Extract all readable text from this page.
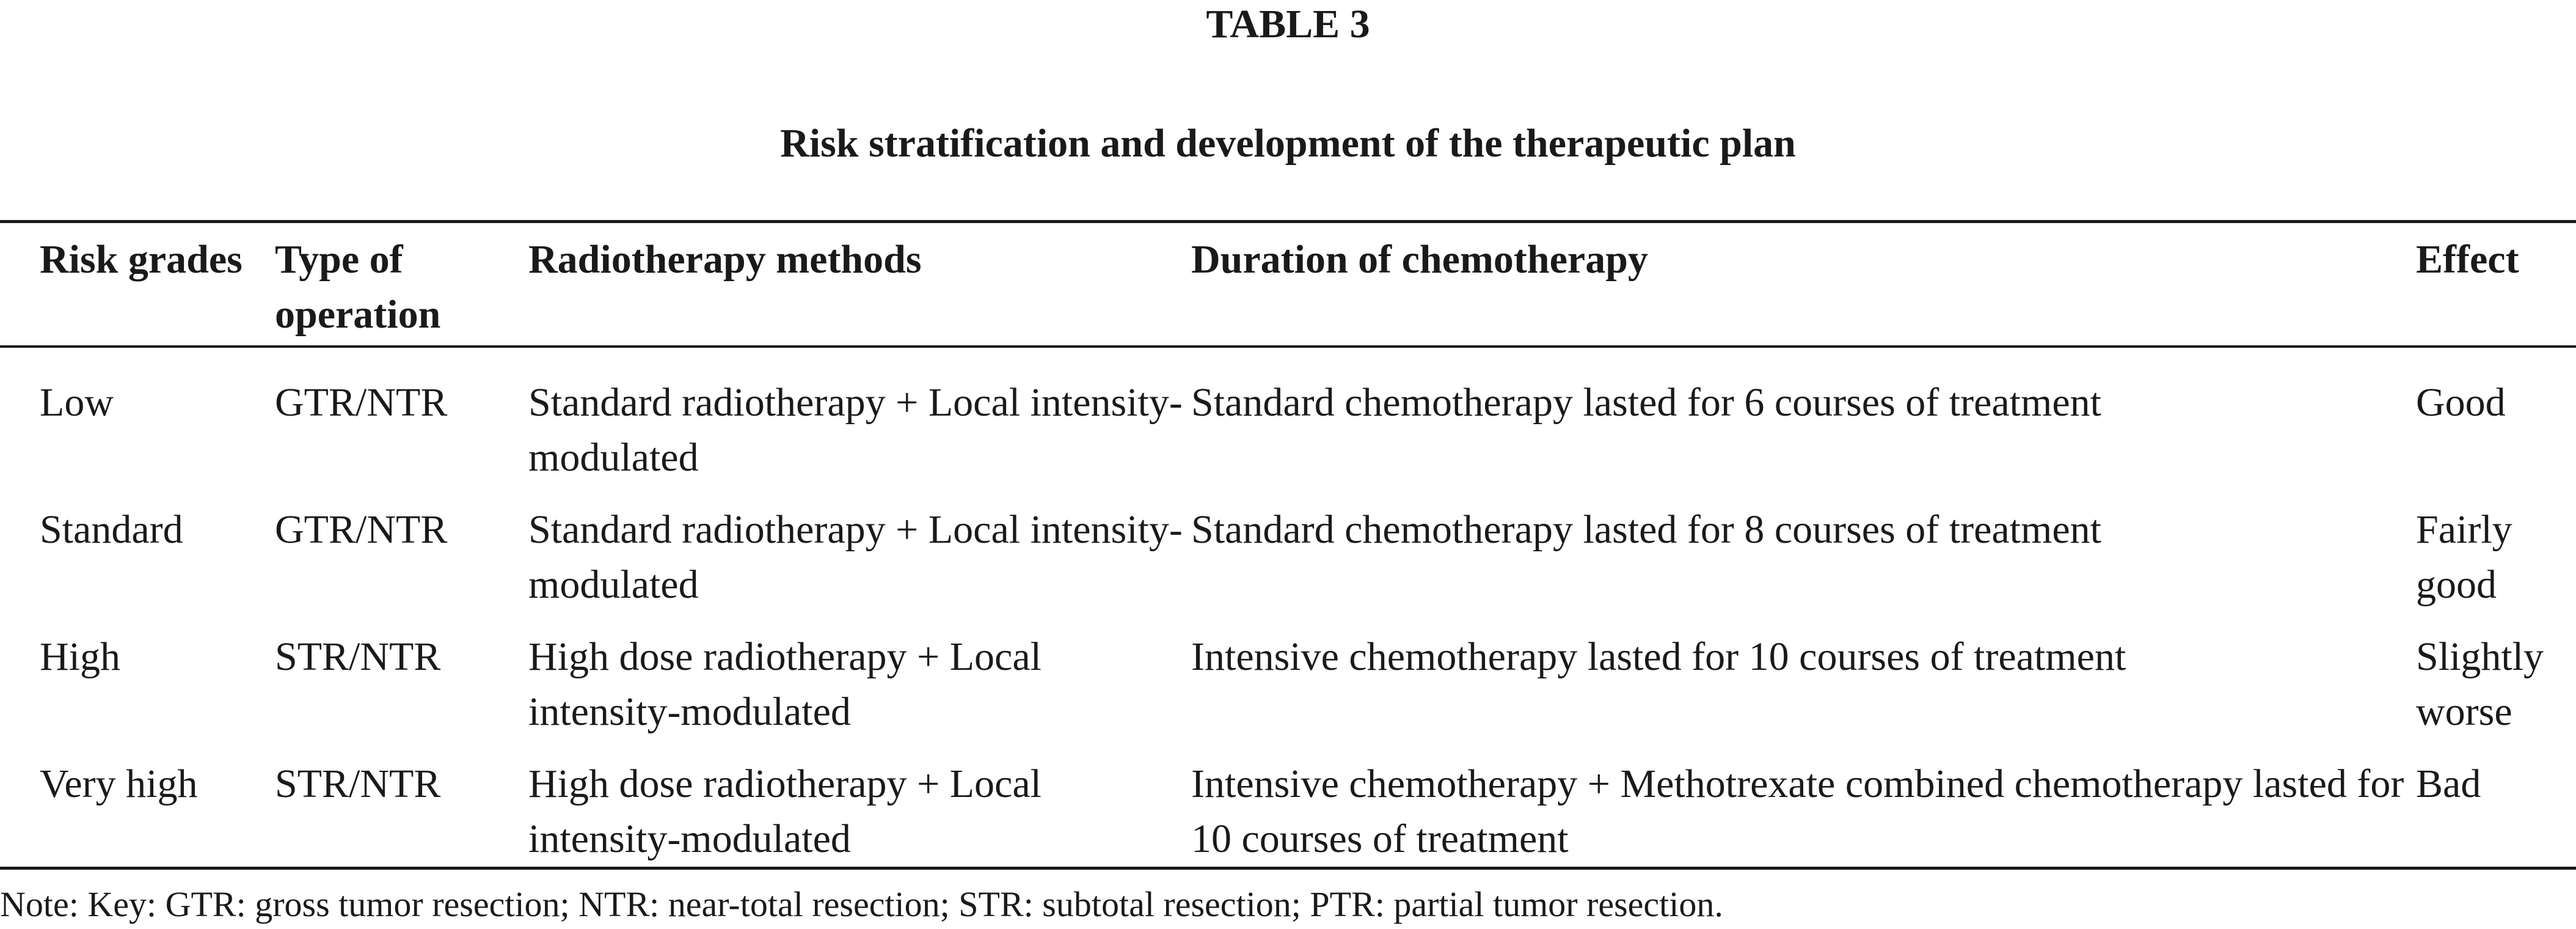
TABLE 3
Risk stratification and development of the therapeutic plan
Risk grades	Type of operation	Radiotherapy methods	Duration of chemotherapy	Effect
Low	GTR/NTR	Standard radiotherapy + Local intensity-modulated	Standard chemotherapy lasted for 6 courses of treatment	Good
Standard	GTR/NTR	Standard radiotherapy + Local intensity-modulated	Standard chemotherapy lasted for 8 courses of treatment	Fairly good
High	STR/NTR	High dose radiotherapy + Local intensity-modulated	Intensive chemotherapy lasted for 10 courses of treatment	Slightly worse
Very high	STR/NTR	High dose radiotherapy + Local intensity-modulated	Intensive chemotherapy + Methotrexate combined chemotherapy lasted for 10 courses of treatment	Bad
Note: Key: GTR: gross tumor resection; NTR: near-total resection; STR: subtotal resection; PTR: partial tumor resection.
